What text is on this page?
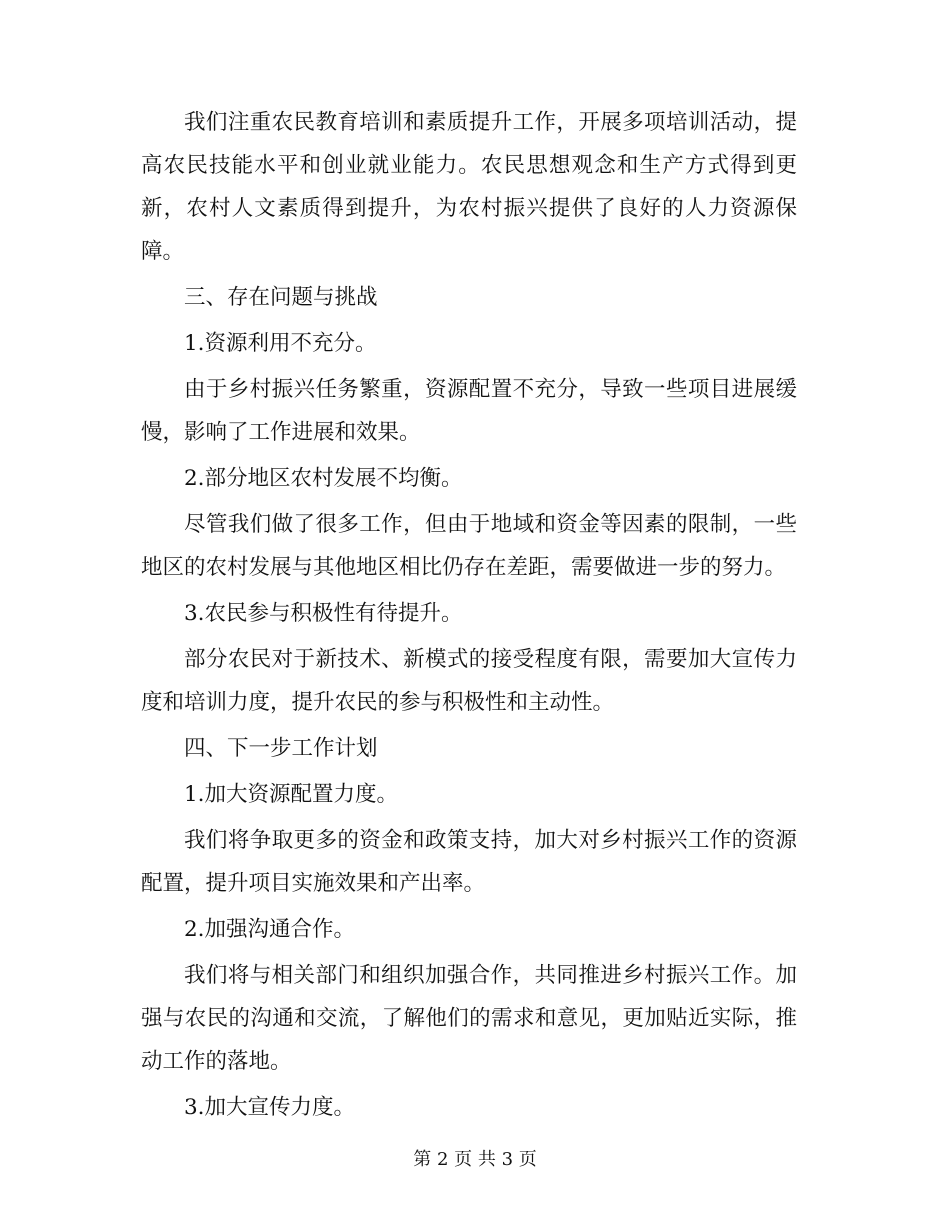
我们注重农民教育培训和素质提升工作，开展多项培训活动，提高农民技能水平和创业就业能力。农民思想观念和生产方式得到更新，农村人文素质得到提升，为农村振兴提供了良好的人力资源保障。

三、存在问题与挑战

1.资源利用不充分。

由于乡村振兴任务繁重，资源配置不充分，导致一些项目进展缓慢，影响了工作进展和效果。

2.部分地区农村发展不均衡。

尽管我们做了很多工作，但由于地域和资金等因素的限制，一些地区的农村发展与其他地区相比仍存在差距，需要做进一步的努力。

3.农民参与积极性有待提升。

部分农民对于新技术、新模式的接受程度有限，需要加大宣传力度和培训力度，提升农民的参与积极性和主动性。

四、下一步工作计划

1.加大资源配置力度。

我们将争取更多的资金和政策支持，加大对乡村振兴工作的资源配置，提升项目实施效果和产出率。

2.加强沟通合作。

我们将与相关部门和组织加强合作，共同推进乡村振兴工作。加强与农民的沟通和交流，了解他们的需求和意见，更加贴近实际，推动工作的落地。

3.加大宣传力度。

第 2 页 共 3 页
